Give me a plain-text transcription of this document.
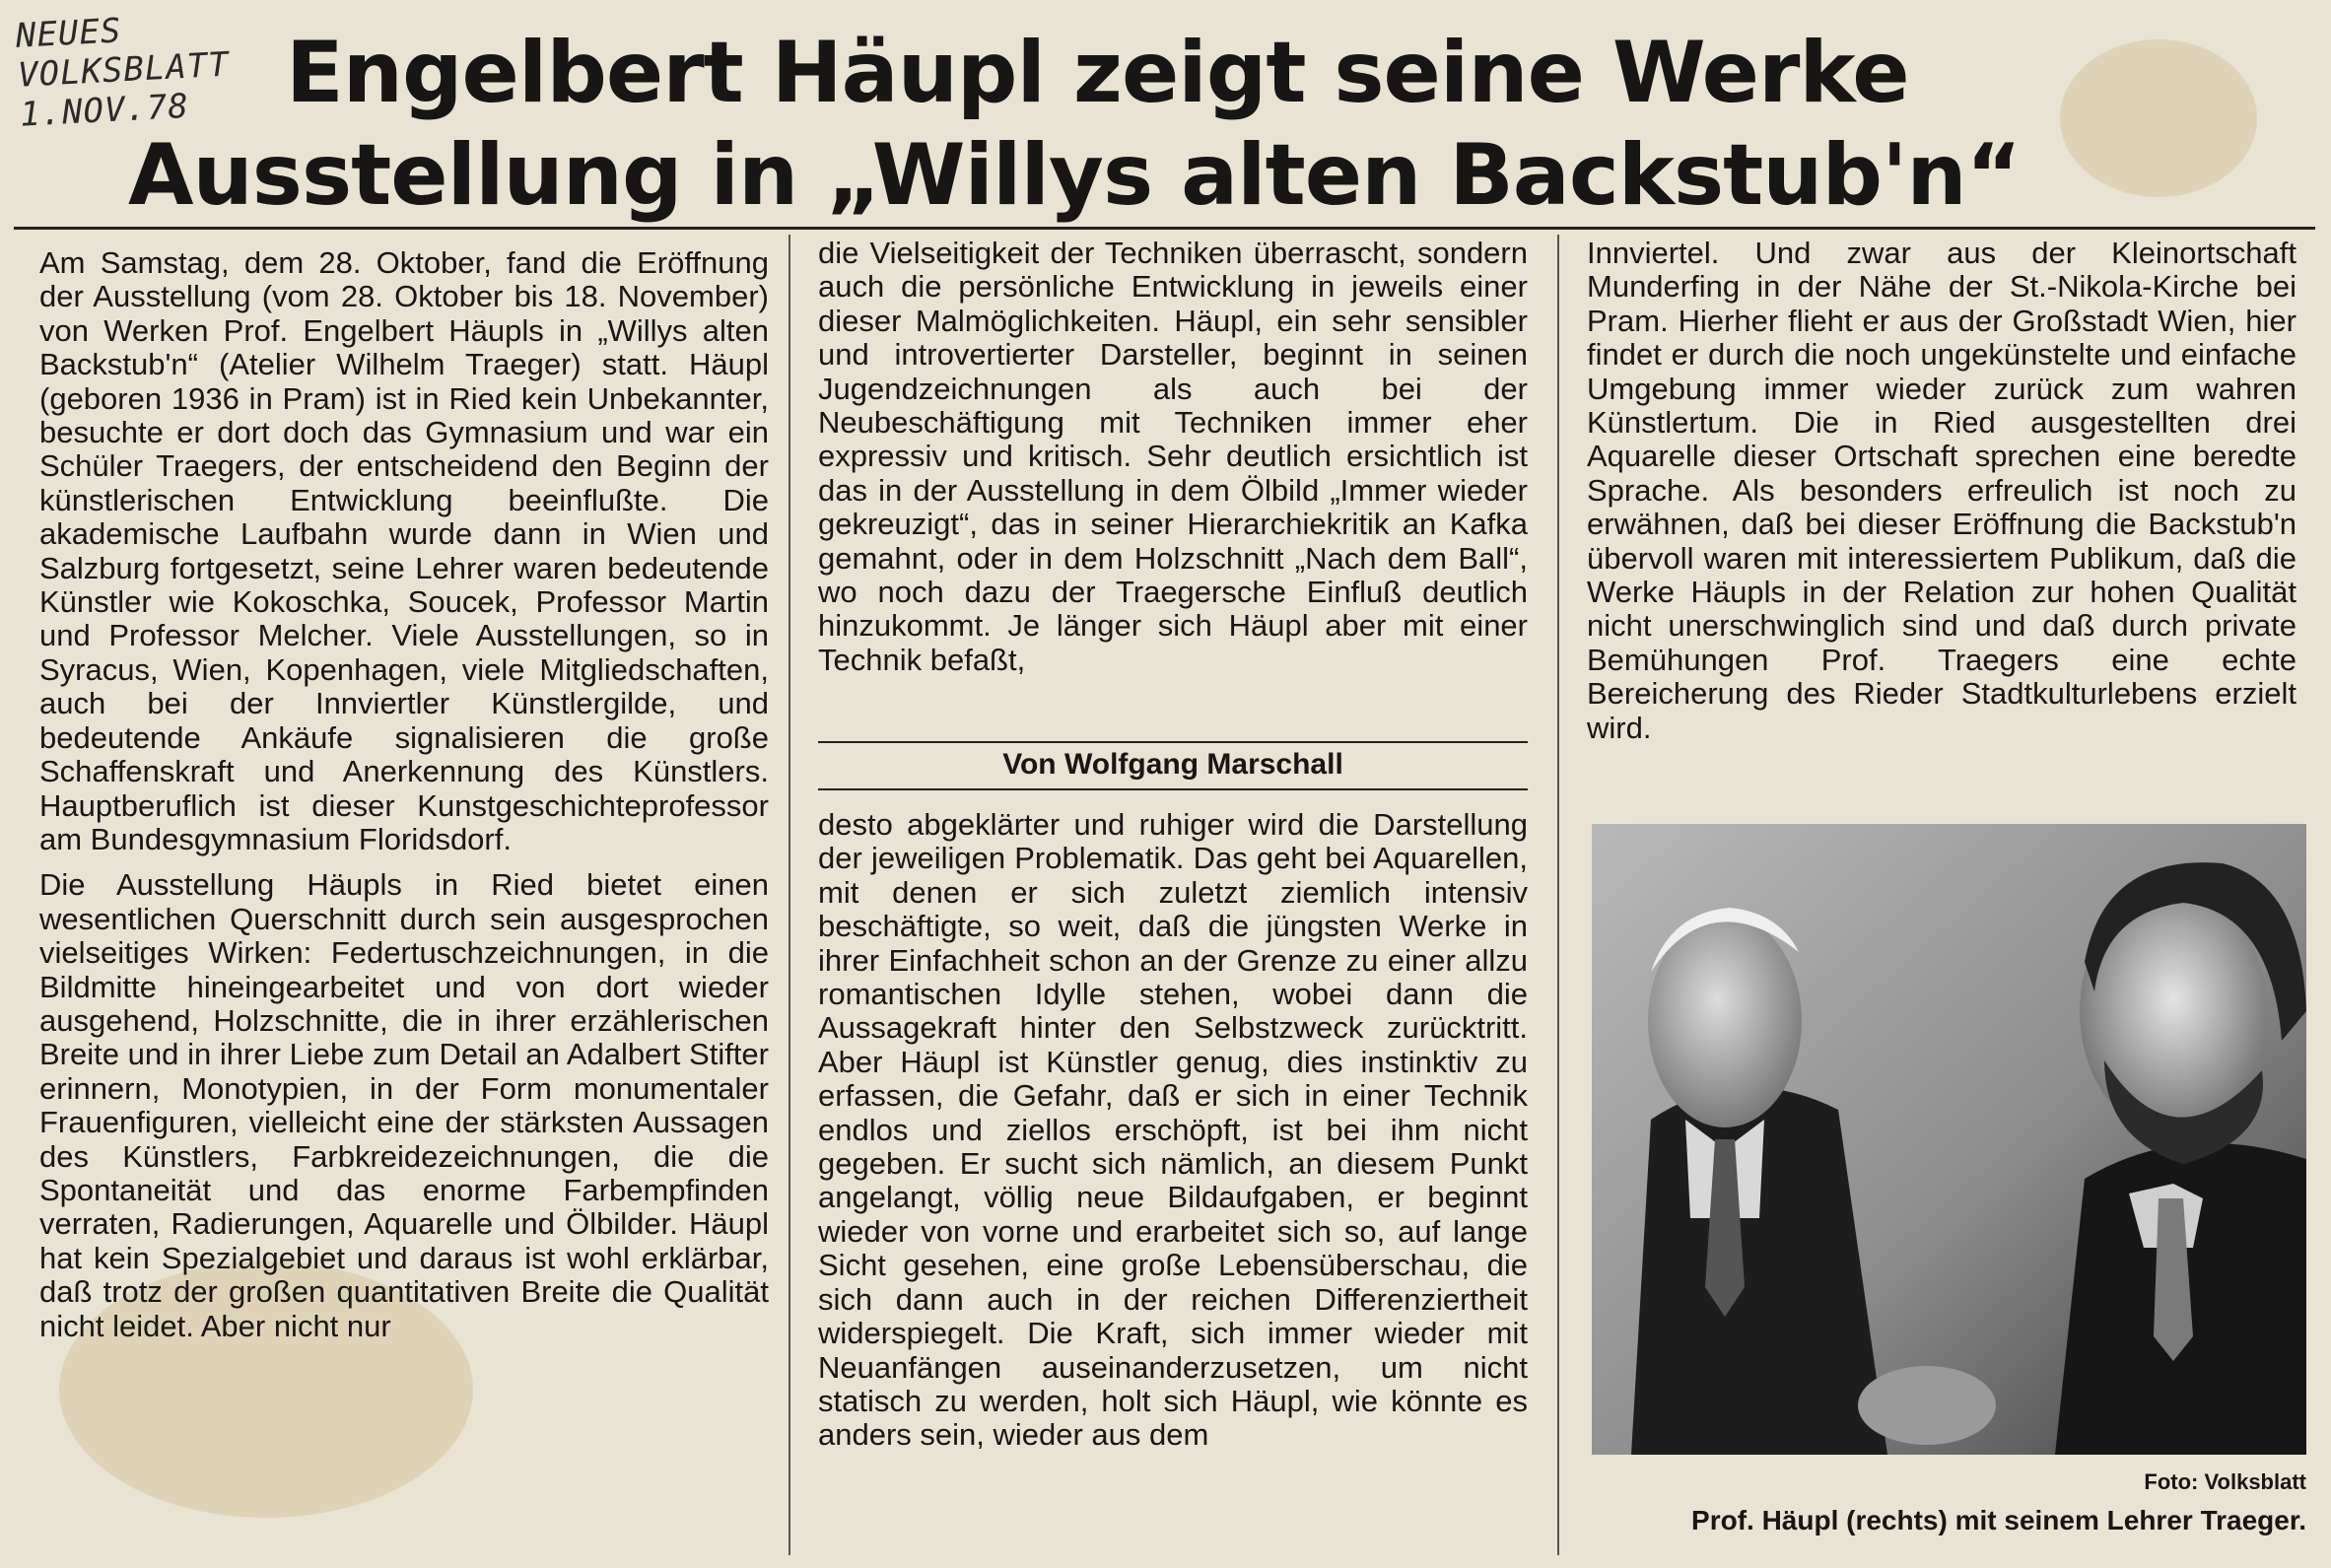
NEUES
VOLKSBLATT
1.NOV.78	Engelbert Häupl zeigt seine Werke
Ausstellung in „Willys alten Backstub'n“

Am Samstag, dem 28. Oktober, fand die Eröffnung der Ausstellung (vom 28. Oktober bis 18. November) von Werken Prof. Engelbert Häupls in „Willys alten Backstub'n“ (Atelier Wilhelm Traeger) statt. Häupl (geboren 1936 in Pram) ist in Ried kein Unbekannter, besuchte er dort doch das Gymnasium und war ein Schüler Traegers, der entscheidend den Beginn der künstlerischen Entwicklung beeinflußte. Die akademische Laufbahn wurde dann in Wien und Salzburg fortgesetzt, seine Lehrer waren bedeutende Künstler wie Kokoschka, Soucek, Professor Martin und Professor Melcher. Viele Ausstellungen, so in Syracus, Wien, Kopenhagen, viele Mitgliedschaften, auch bei der Innviertler Künstlergilde, und bedeutende Ankäufe signalisieren die große Schaffenskraft und Anerkennung des Künstlers. Hauptberuflich ist dieser Kunstgeschichteprofessor am Bundesgymnasium Floridsdorf.

Die Ausstellung Häupls in Ried bietet einen wesentlichen Querschnitt durch sein ausgesprochen vielseitiges Wirken: Federtuschzeichnungen, in die Bildmitte hineingearbeitet und von dort wieder ausgehend, Holzschnitte, die in ihrer erzählerischen Breite und in ihrer Liebe zum Detail an Adalbert Stifter erinnern, Monotypien, in der Form monumentaler Frauenfiguren, vielleicht eine der stärksten Aussagen des Künstlers, Farbkreidezeichnungen, die die Spontaneität und das enorme Farbempfinden verraten, Radierungen, Aquarelle und Ölbilder. Häupl hat kein Spezialgebiet und daraus ist wohl erklärbar, daß trotz der großen quantitativen Breite die Qualität nicht leidet. Aber nicht nur

die Vielseitigkeit der Techniken überrascht, sondern auch die persönliche Entwicklung in jeweils einer dieser Malmöglichkeiten. Häupl, ein sehr sensibler und introvertierter Darsteller, beginnt in seinen Jugendzeichnungen als auch bei der Neubeschäftigung mit Techniken immer eher expressiv und kritisch. Sehr deutlich ersichtlich ist das in der Ausstellung in dem Ölbild „Immer wieder gekreuzigt“, das in seiner Hierarchiekritik an Kafka gemahnt, oder in dem Holzschnitt „Nach dem Ball“, wo noch dazu der Traegersche Einfluß deutlich hinzukommt. Je länger sich Häupl aber mit einer Technik befaßt,

Von Wolfgang Marschall

desto abgeklärter und ruhiger wird die Darstellung der jeweiligen Problematik. Das geht bei Aquarellen, mit denen er sich zuletzt ziemlich intensiv beschäftigte, so weit, daß die jüngsten Werke in ihrer Einfachheit schon an der Grenze zu einer allzu romantischen Idylle stehen, wobei dann die Aussagekraft hinter den Selbstzweck zurücktritt. Aber Häupl ist Künstler genug, dies instinktiv zu erfassen, die Gefahr, daß er sich in einer Technik endlos und ziellos erschöpft, ist bei ihm nicht gegeben. Er sucht sich nämlich, an diesem Punkt angelangt, völlig neue Bildaufgaben, er beginnt wieder von vorne und erarbeitet sich so, auf lange Sicht gesehen, eine große Lebensüberschau, die sich dann auch in der reichen Differenziertheit widerspiegelt. Die Kraft, sich immer wieder mit Neuanfängen auseinanderzusetzen, um nicht statisch zu werden, holt sich Häupl, wie könnte es anders sein, wieder aus dem

Innviertel. Und zwar aus der Kleinortschaft Munderfing in der Nähe der St.-Nikola-Kirche bei Pram. Hierher flieht er aus der Großstadt Wien, hier findet er durch die noch ungekünstelte und einfache Umgebung immer wieder zurück zum wahren Künstlertum. Die in Ried ausgestellten drei Aquarelle dieser Ortschaft sprechen eine beredte Sprache. Als besonders erfreulich ist noch zu erwähnen, daß bei dieser Eröffnung die Backstub'n übervoll waren mit interessiertem Publikum, daß die Werke Häupls in der Relation zur hohen Qualität nicht unerschwinglich sind und daß durch private Bemühungen Prof. Traegers eine echte Bereicherung des Rieder Stadtkulturlebens erzielt wird.

Foto: Volksblatt
Prof. Häupl (rechts) mit seinem Lehrer Traeger.
